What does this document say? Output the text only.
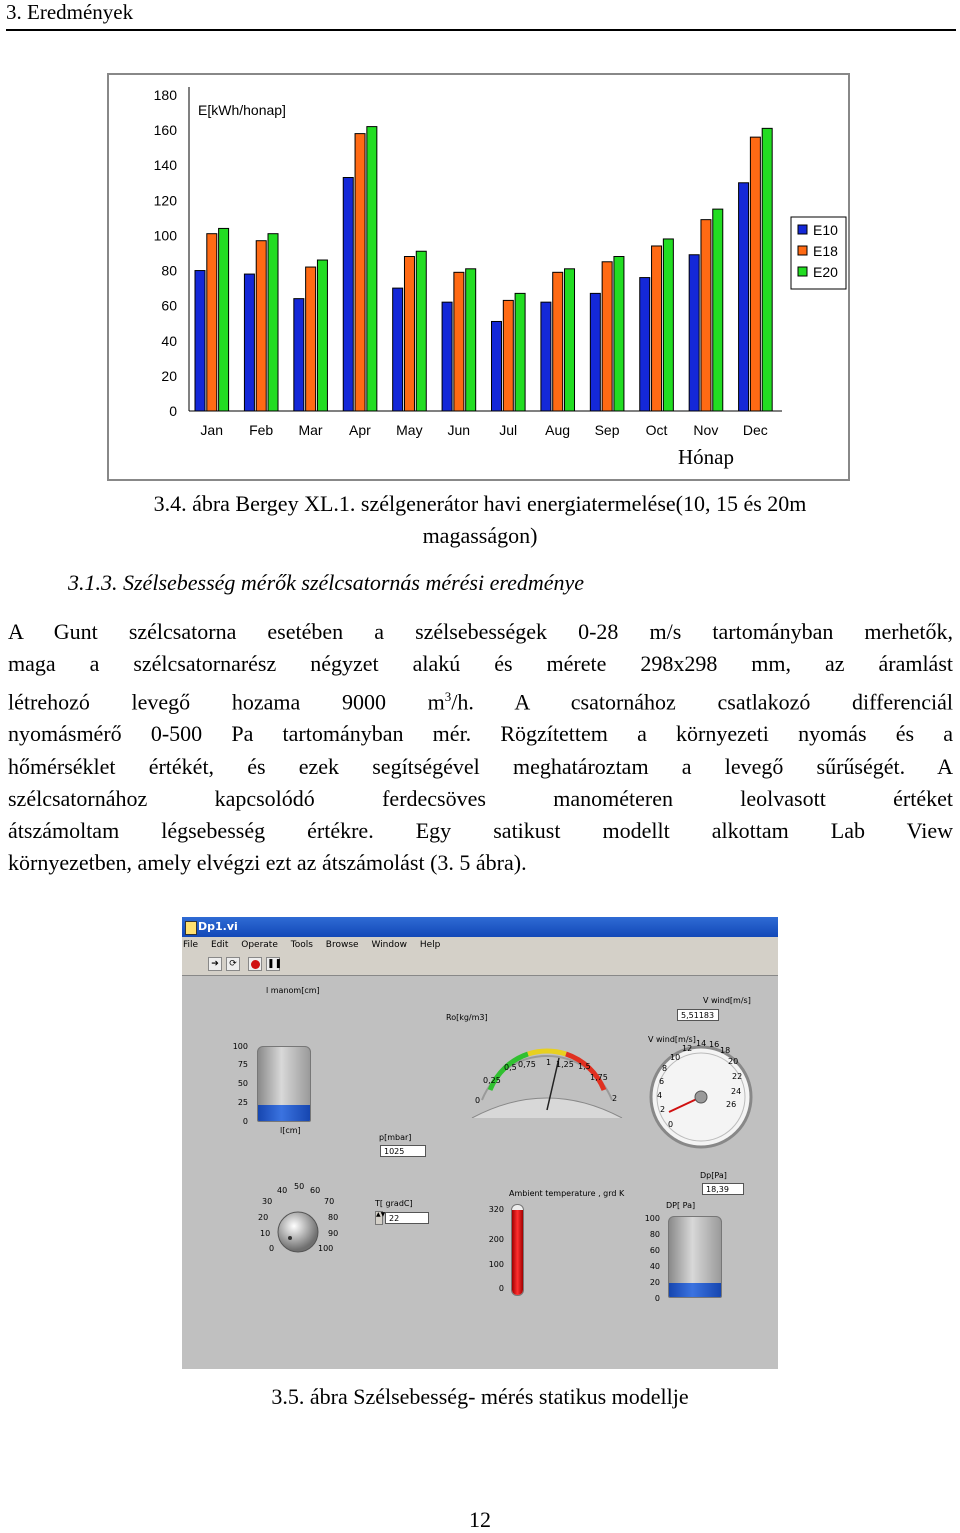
3. Eredmények
180
160
140
120
100
80
60
40
20
0
E[kWh/honap]
Jan Feb Mar Apr May Jun Jul Aug Sep Oct Nov Dec
Hónap
E10
E18
E20
3.4. ábra Bergey XL.1. szélgenerátor havi energiatermelése(10, 15 és 20m
magasságon)
3.1.3. Szélsebesség mérők szélcsatornás mérési eredménye
A Gunt szélcsatorna esetében a szélsebességek 0-28 m/s tartományban merhetők,
maga a szélcsatornarész négyzet alakú és mérete 298x298 mm, az áramlást
létrehozó levegő hozama 9000 $m^3/h$. A csatornához csatlakozó differenciál
nyomásmérő 0-500 Pa tartományban mér. Rögzítettem a környezeti nyomás és a
hőmérséklet értékét, és ezek segítségével meghatároztam a levegő sűrűségét. A
szélcsatornához kapcsolódó ferdecsöves manométeren leolvasott értéket
átszámoltam légsebesség értékre. Egy satikust modellt alkottam Lab View
környezetben, amely elvégzi ezt az átszámolást (3. 5 ábra).
Dp1.vi
File Edit Operate Tools Browse Window Help
➔	⟳	❚❚
l manom[cm]
100
75
50
25
0
Ro[kg/m3]
0
0,25
0,5 0,75 1 1,25 1,5
1,75
2
p[mbar]
1025
V wind[m/s]
5,51183
V wind[m/s]
0
2
4
6
8
10
12
14 16
18
20
22
24
26
l[cm]
0
10
20
30
40 50 60
70
80
90
100
T[ gradC]
▲▼ 22
Ambient temperature , grd K
320
200
100
0
Dp[Pa]
18,39
DP[ Pa]
100
80
60
40
20
0
3.5. ábra Szélsebesség- mérés statikus modellje
12
